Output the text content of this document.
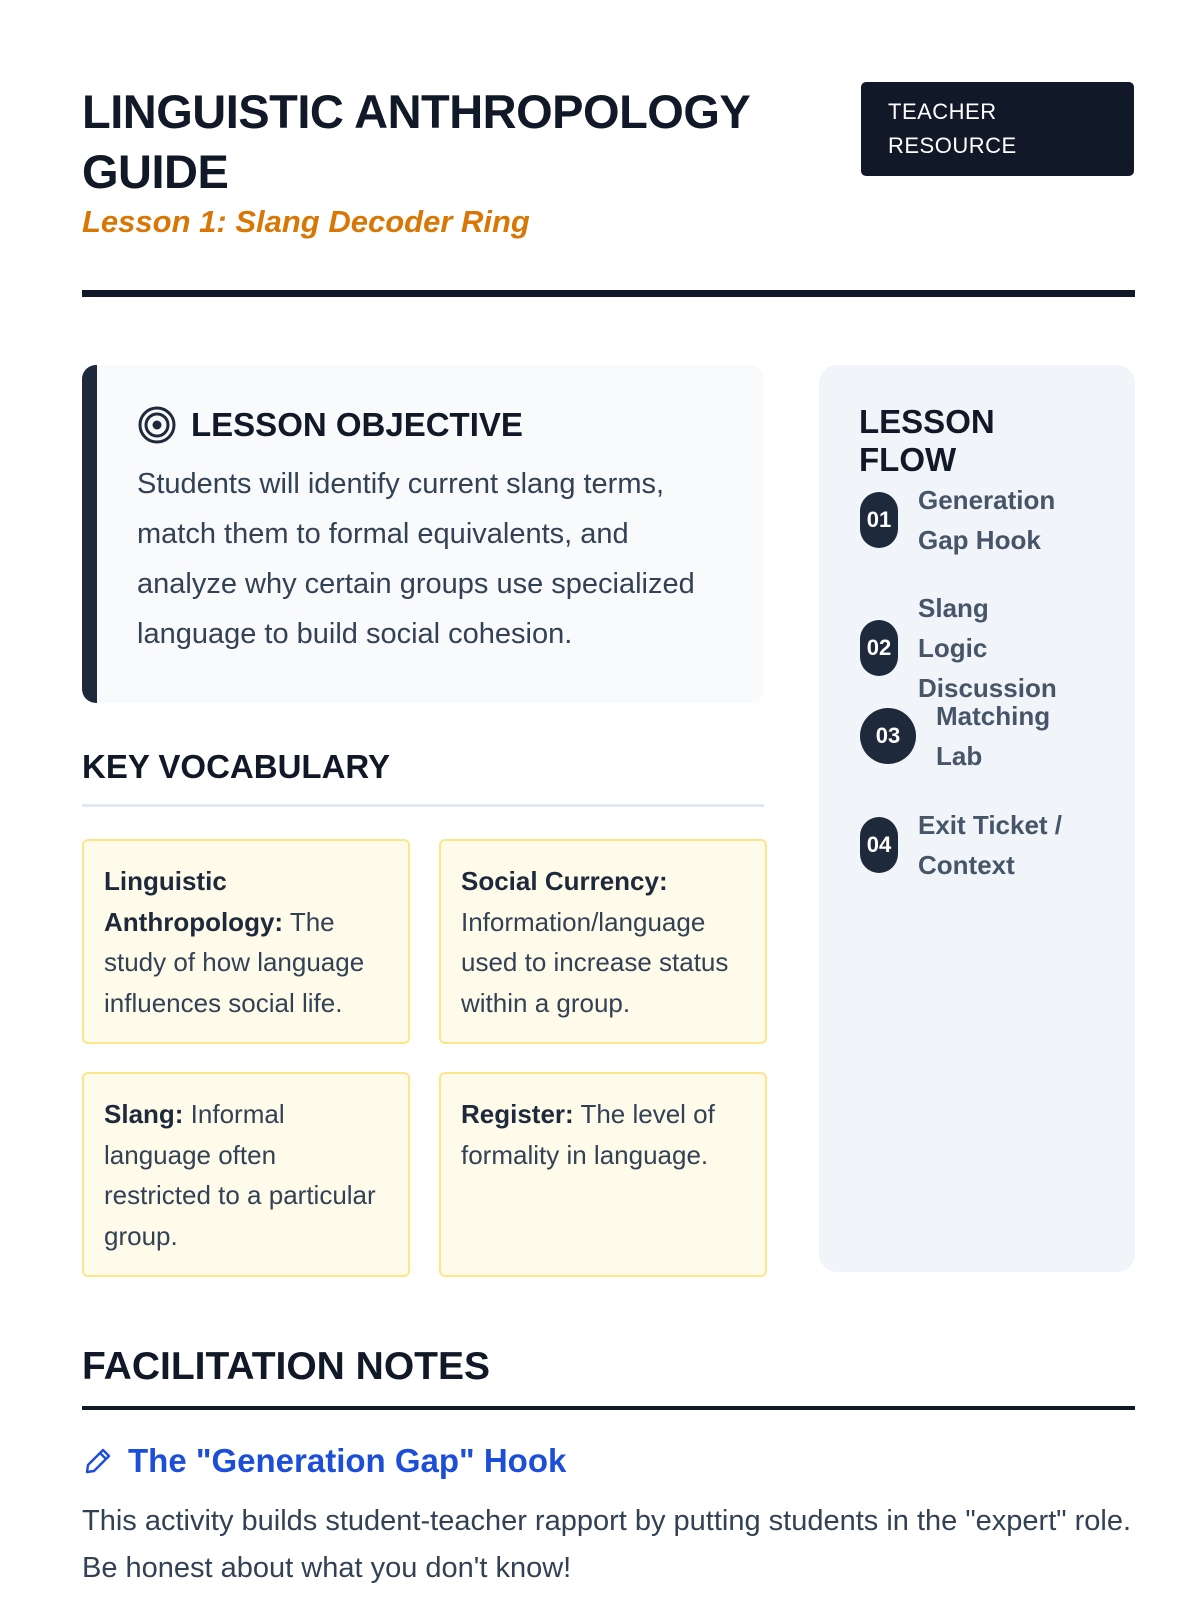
LINGUISTIC ANTHROPOLOGY GUIDE
Lesson 1: Slang Decoder Ring
TEACHER RESOURCE
LESSON OBJECTIVE

Students will identify current slang terms, match them to formal equivalents, and analyze why certain groups use specialized language to build social cohesion.

KEY VOCABULARY
Linguistic Anthropology: The study of how language influences social life.
Social Currency: Information/language used to increase status within a group.
Slang: Informal language often restricted to a particular group.
Register: The level of formality in language.
LESSON FLOW
01
Generation Gap Hook
02
Slang Logic Discussion
03
Matching Lab
04
Exit Ticket / Context
FACILITATION NOTES
The "Generation Gap" Hook

This activity builds student-teacher rapport by putting students in the "expert" role. Be honest about what you don't know!
